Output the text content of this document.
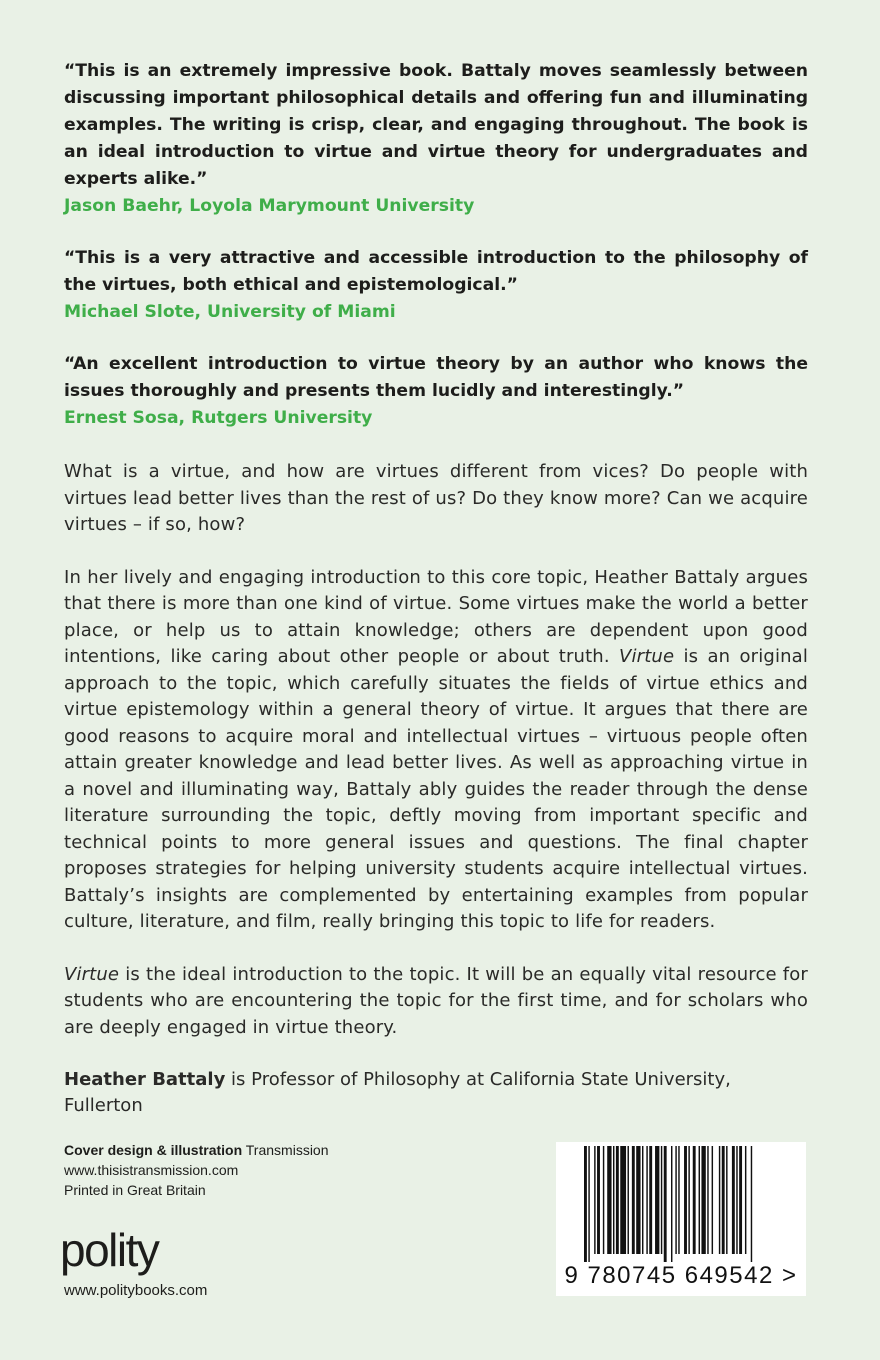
“This is an extremely impressive book. Battaly moves seamlessly between discussing important philosophical details and offering fun and illuminating examples. The writing is crisp, clear, and engaging throughout. The book is an ideal introduction to virtue and virtue theory for undergraduates and experts alike.”

Jason Baehr, Loyola Marymount University

“This is a very attractive and accessible introduction to the philosophy of the virtues, both ethical and epistemological.”

Michael Slote, University of Miami

“An excellent introduction to virtue theory by an author who knows the issues thoroughly and presents them lucidly and interestingly.”

Ernest Sosa, Rutgers University

What is a virtue, and how are virtues different from vices? Do people with virtues lead better lives than the rest of us? Do they know more? Can we acquire virtues – if so, how?

In her lively and engaging introduction to this core topic, Heather Battaly argues that there is more than one kind of virtue. Some virtues make the world a better place, or help us to attain knowledge; others are dependent upon good intentions, like caring about other people or about truth. Virtue is an original approach to the topic, which carefully situates the fields of virtue ethics and virtue epistemology within a general theory of virtue. It argues that there are good reasons to acquire moral and intellectual virtues – virtuous people often attain greater knowledge and lead better lives. As well as approaching virtue in a novel and illuminating way, Battaly ably guides the reader through the dense literature surrounding the topic, deftly moving from important specific and technical points to more general issues and questions. The final chapter proposes strategies for helping university students acquire intellectual virtues. Battaly’s insights are complemented by entertaining examples from popular culture, literature, and film, really bringing this topic to life for readers.

Virtue is the ideal introduction to the topic. It will be an equally vital resource for students who are encountering the topic for the first time, and for scholars who are deeply engaged in virtue theory.

Heather Battaly is Professor of Philosophy at California State University, Fullerton

Cover design & illustration Transmission
www.thisistransmission.com
Printed in Great Britain
polity
www.politybooks.com
9 780745 649542 >
